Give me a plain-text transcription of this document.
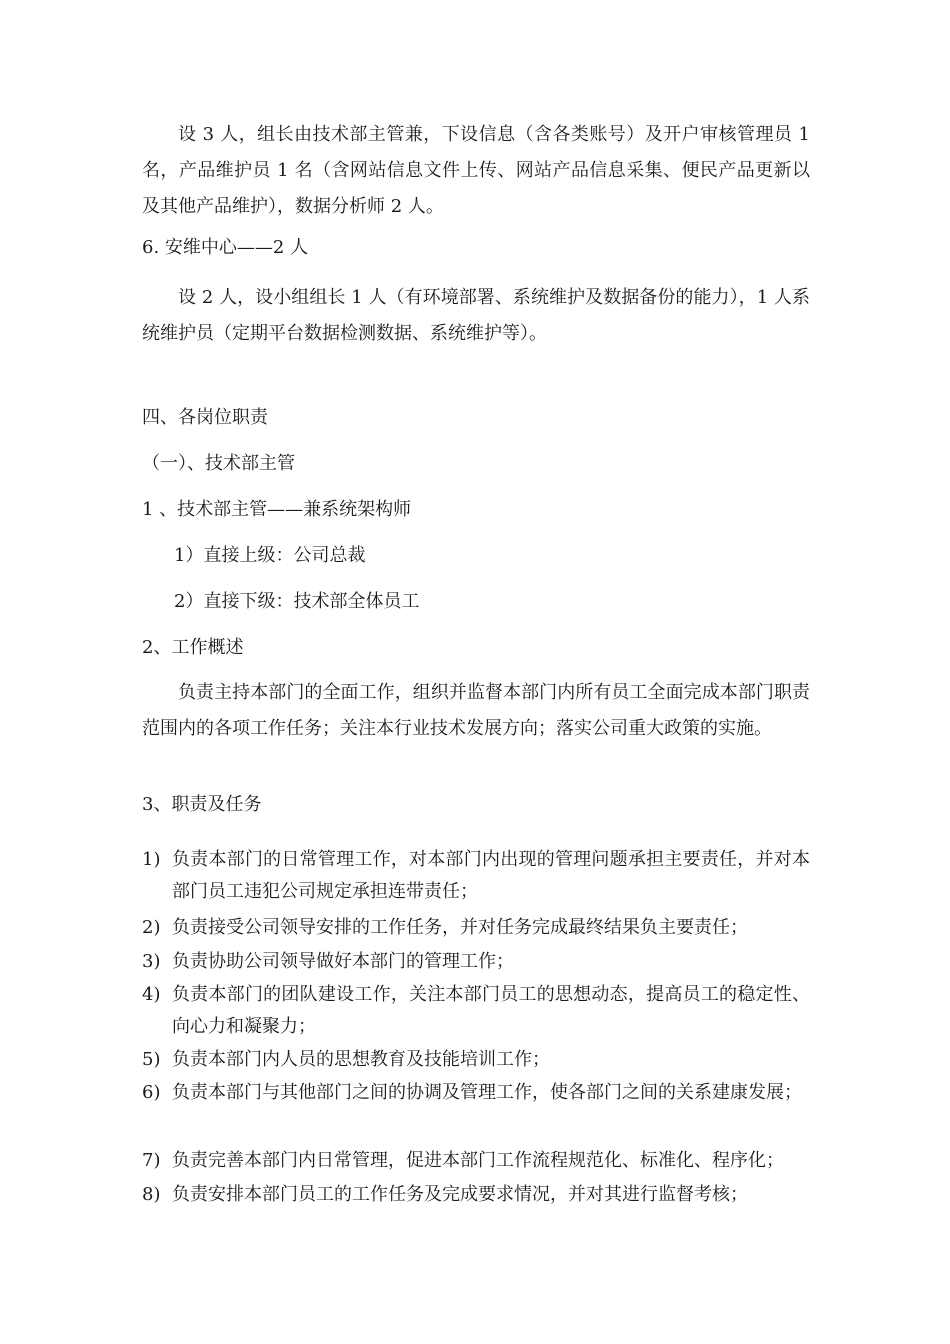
设 3 人，组长由技术部主管兼，下设信息（含各类账号）及开户审核管理员 1 名，产品维护员 1 名（含网站信息文件上传、网站产品信息采集、便民产品更新以及其他产品维护），数据分析师 2 人。
6. 安维中心——2 人
设 2 人，设小组组长 1 人（有环境部署、系统维护及数据备份的能力），1 人系统维护员（定期平台数据检测数据、系统维护等）。
四、各岗位职责
（一）、技术部主管
1 、技术部主管——兼系统架构师
1）直接上级：公司总裁
2）直接下级：技术部全体员工
2、工作概述
负责主持本部门的全面工作，组织并监督本部门内所有员工全面完成本部门职责范围内的各项工作任务；关注本行业技术发展方向；落实公司重大政策的实施。
3、职责及任务
1) 负责本部门的日常管理工作，对本部门内出现的管理问题承担主要责任，并对本部门员工违犯公司规定承担连带责任；
2) 负责接受公司领导安排的工作任务，并对任务完成最终结果负主要责任；
3) 负责协助公司领导做好本部门的管理工作；
4) 负责本部门的团队建设工作，关注本部门员工的思想动态，提高员工的稳定性、向心力和凝聚力；
5) 负责本部门内人员的思想教育及技能培训工作；
6) 负责本部门与其他部门之间的协调及管理工作，使各部门之间的关系建康发展；
7) 负责完善本部门内日常管理，促进本部门工作流程规范化、标准化、程序化；
8) 负责安排本部门员工的工作任务及完成要求情况，并对其进行监督考核；
